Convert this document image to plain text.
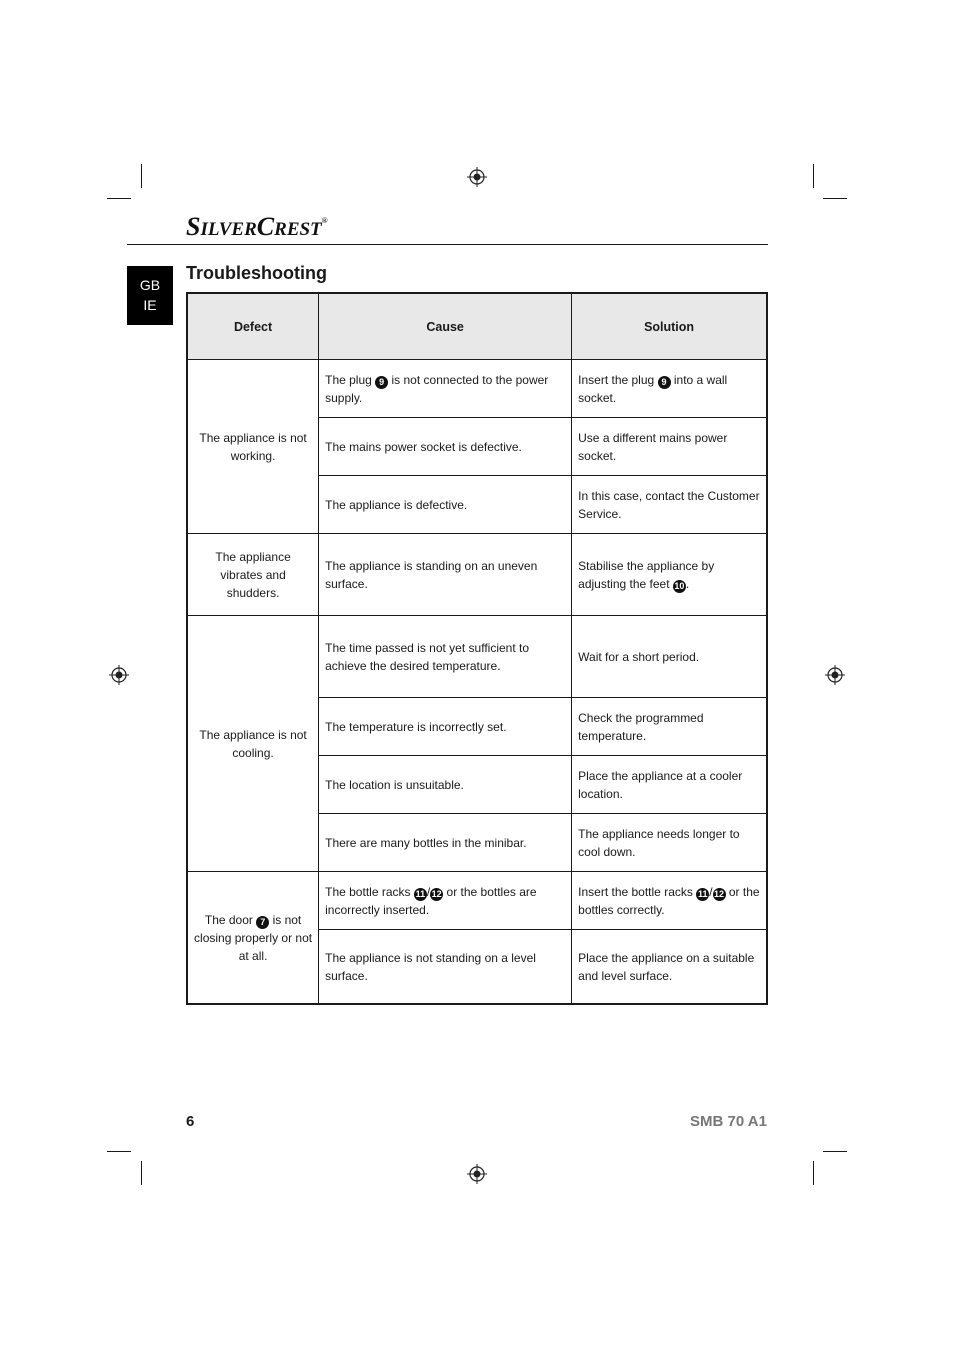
SILVERCREST®
GB
IE
Troubleshooting
Defect	Cause	Solution
The appliance is not working.	The plug 9 is not connected to the power supply.	Insert the plug 9 into a wall socket.
	The mains power socket is defective.	Use a different mains power socket.
	The appliance is defective.	In this case, contact the Customer Service.
The appliance vibrates and shudders.	The appliance is standing on an uneven surface.	Stabilise the appliance by adjusting the feet 10 .
The appliance is not cooling.	The time passed is not yet sufficient to achieve the desired temperature.	Wait for a short period.
	The temperature is incorrectly set.	Check the programmed temperature.
	The location is unsuitable.	Place the appliance at a cooler location.
	There are many bottles in the minibar.	The appliance needs longer to cool down.
The door 7 is not closing properly or not at all.	The bottle racks 11 /12 or the bottles are incorrectly inserted.	Insert the bottle racks 11 /12 or the bottles correctly.
	The appliance is not standing on a level surface.	Place the appliance on a suitable and level surface.
6	SMB 70 A1
